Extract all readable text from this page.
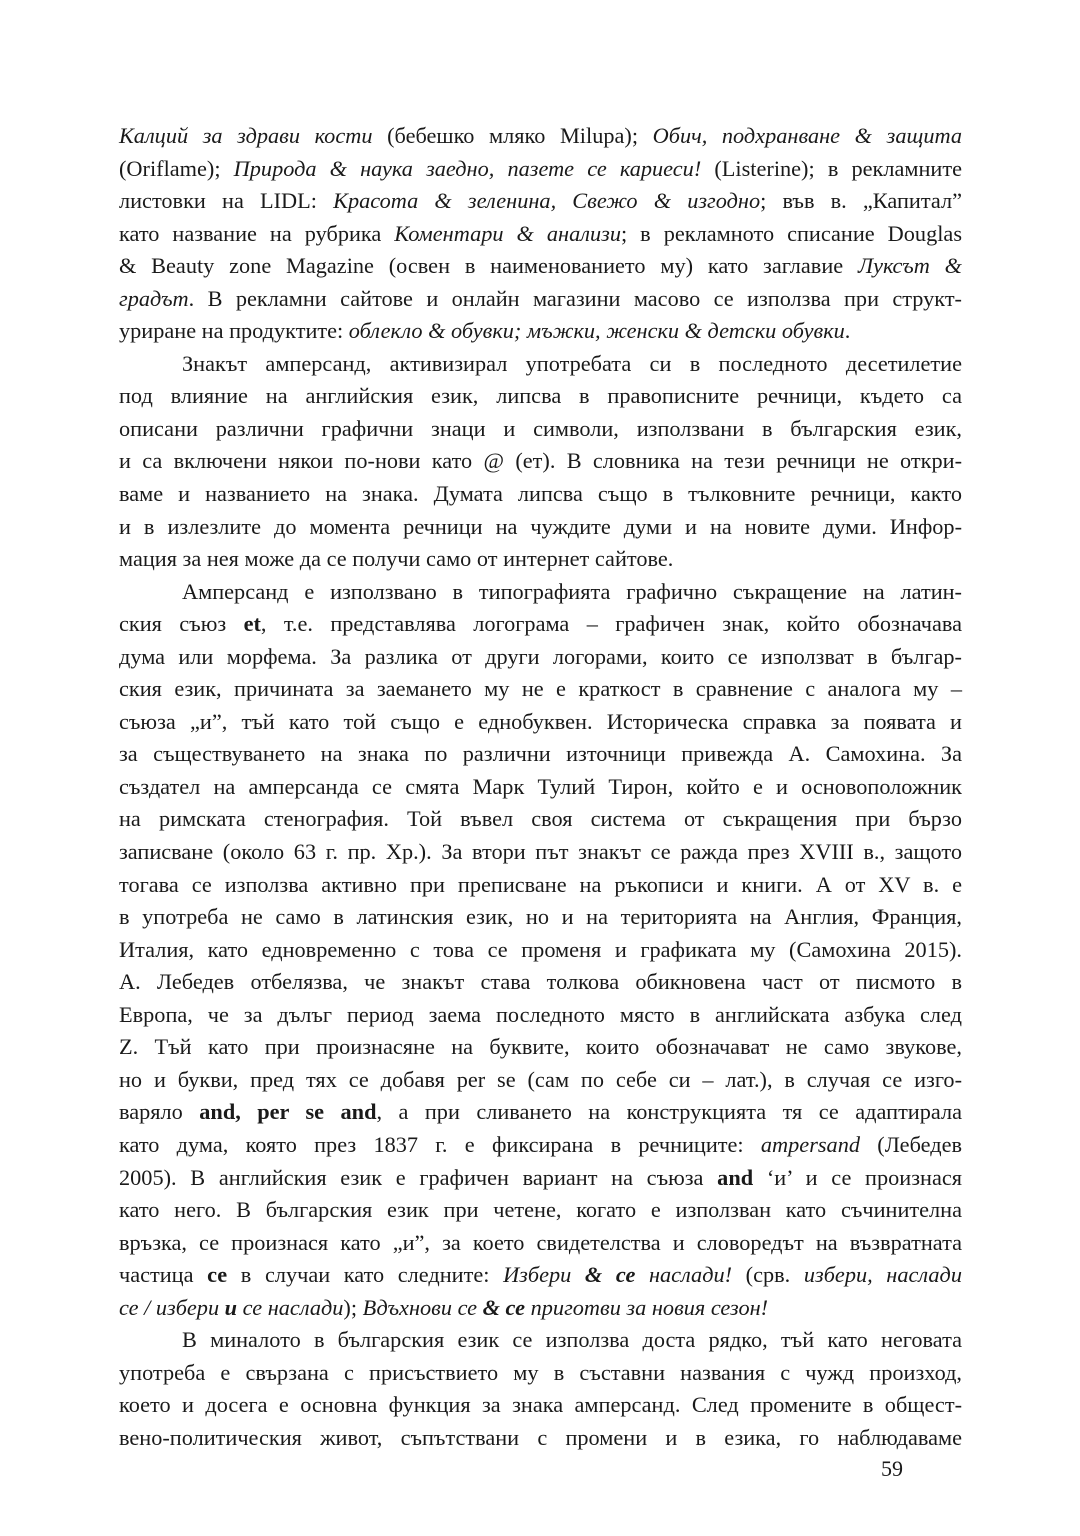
Калций за здрави кости (бебешко мляко Milupa); Обич, подхранване & защита
(Oriflame); Природа & наука заедно, пазете се кариеси! (Listerine); в рекламните
листовки на LIDL: Красота & зеленина, Свежо & изгодно; във в. „Капитал”
като название на рубрика Коментари & анализи; в рекламното списание Douglas
& Beauty zone Magazine (освен в наименованието му) като заглавие Луксът &
градът. В рекламни сайтове и онлайн магазини масово се използва при структ-
уриране на продуктите: облекло & обувки; мъжки, женски & детски обувки.
Знакът амперсанд, активизирал употребата си в последното десетилетие
под влияние на английския език, липсва в правописните речници, където са
описани различни графични знаци и символи, използвани в българския език,
и са включени някои по-нови като @ (ет). В словника на тези речници не откри-
ваме и названието на знака. Думата липсва също в тълковните речници, както
и в излезлите до момента речници на чуждите думи и на новите думи. Инфор-
мация за нея може да се получи само от интернет сайтове.
Амперсанд е използвано в типографията графично съкращение на латин-
ския съюз et, т.е. представлява логограма – графичен знак, който обозначава
дума или морфема. За разлика от други логорами, които се използват в българ-
ския език, причината за заемането му не е краткост в сравнение с аналога му –
съюза „и”, тъй като той също е еднобуквен. Историческа справка за появата и
за съществуването на знака по различни източници привежда А. Самохина. За
създател на амперсанда се смята Марк Тулий Тирон, който е и основоположник
на римската стенография. Той въвел своя система от съкращения при бързо
записване (около 63 г. пр. Хр.). За втори път знакът се ражда през XVIII в., защото
тогава се използва активно при преписване на ръкописи и книги. А от XV в. е
в употреба не само в латинския език, но и на територията на Англия, Франция,
Италия, като едновременно с това се променя и графиката му (Самохина 2015).
А. Лебедев отбелязва, че знакът става толкова обикновена част от писмото в
Европа, че за дълъг период заема последното място в английската азбука след
Z. Тъй като при произнасяне на буквите, които обозначават не само звукове,
но и букви, пред тях се добавя per se (сам по себе си – лат.), в случая се изго-
варяло and, per se and, а при сливането на конструкцията тя се адаптирала
като дума, която през 1837 г. е фиксирана в речниците: ampersand (Лебедев
2005). В английския език е графичен вариант на съюза and ‘и’ и се произнася
като него. В българския език при четене, когато е използван като съчинителна
връзка, се произнася като „и”, за което свидетелства и словоредът на възвратната
частица се в случаи като следните: Избери & се наслади! (срв. избери, наслади
се / избери и се наслади); Вдъхнови се & се приготви за новия сезон!
В миналото в българския език се използва доста рядко, тъй като неговата
употреба е свързана с присъствието му в съставни названия с чужд произход,
което и досега е основна функция за знака амперсанд. След промените в общест-
вено-политическия живот, съпътствани с промени и в езика, го наблюдаваме
59
